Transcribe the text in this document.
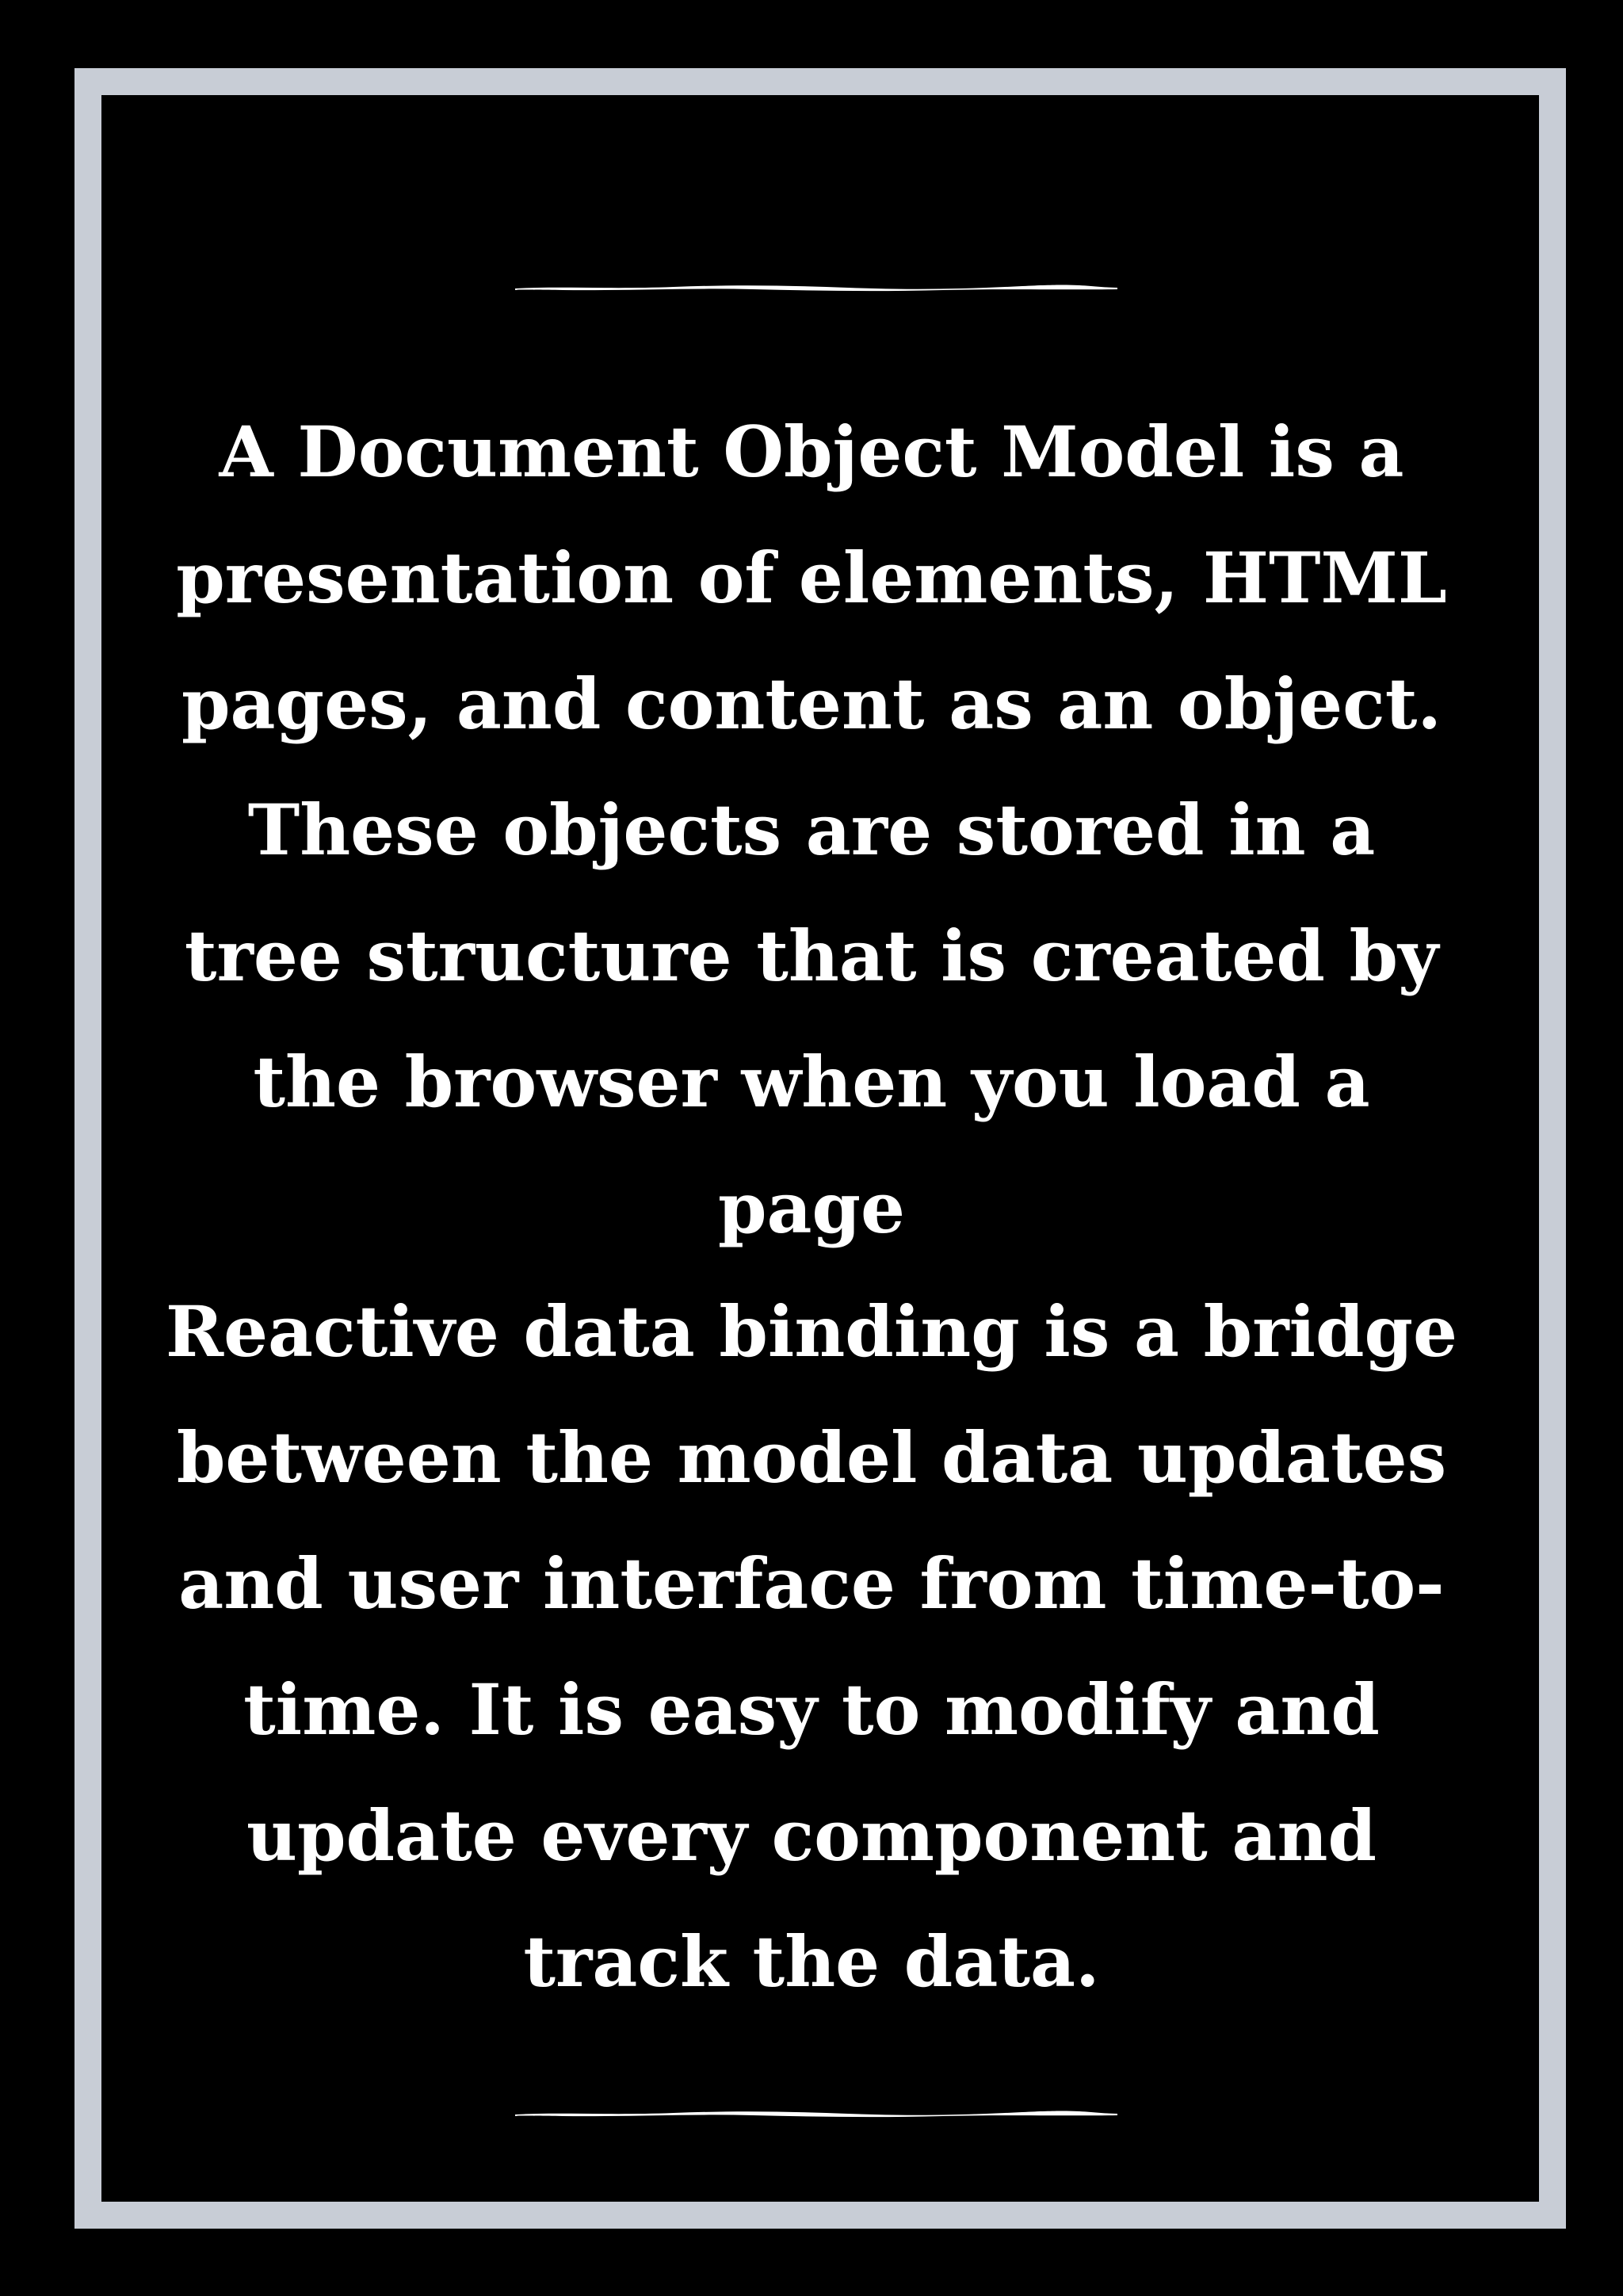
A Document Object Model is a presentation of elements, HTML pages, and content as an object. These objects are stored in a tree structure that is created by the browser when you load a page

Reactive data binding is a bridge between the model data updates and user interface from time-to-time. It is easy to modify and update every component and track the data.
